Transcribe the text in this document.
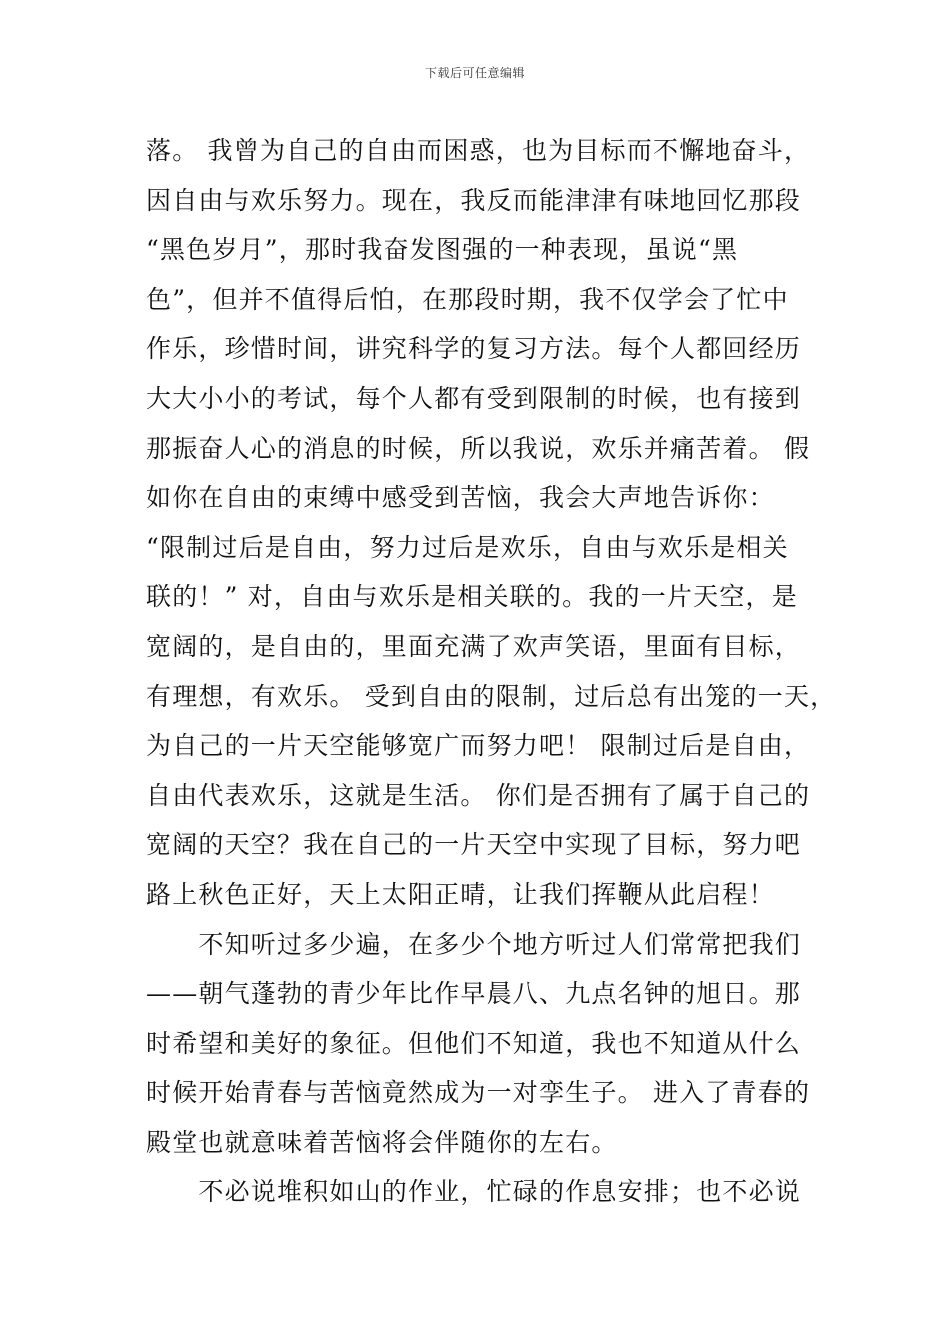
下载后可任意编辑
落。 我曾为自己的自由而困惑，也为目标而不懈地奋斗，
因自由与欢乐努力。现在，我反而能津津有味地回忆那段
“黑色岁月”，那时我奋发图强的一种表现，虽说“黑
色”，但并不值得后怕，在那段时期，我不仅学会了忙中
作乐，珍惜时间，讲究科学的复习方法。每个人都回经历
大大小小的考试，每个人都有受到限制的时候，也有接到
那振奋人心的消息的时候，所以我说，欢乐并痛苦着。 假
如你在自由的束缚中感受到苦恼，我会大声地告诉你：
“限制过后是自由，努力过后是欢乐，自由与欢乐是相关
联的！” 对，自由与欢乐是相关联的。我的一片天空，是
宽阔的，是自由的，里面充满了欢声笑语，里面有目标，
有理想，有欢乐。 受到自由的限制，过后总有出笼的一天，
为自己的一片天空能够宽广而努力吧！ 限制过后是自由，
自由代表欢乐，这就是生活。 你们是否拥有了属于自己的
宽阔的天空？我在自己的一片天空中实现了目标，努力吧
路上秋色正好，天上太阳正晴，让我们挥鞭从此启程！
　　不知听过多少遍，在多少个地方听过人们常常把我们
——朝气蓬勃的青少年比作早晨八、九点名钟的旭日。那
时希望和美好的象征。但他们不知道，我也不知道从什么
时候开始青春与苦恼竟然成为一对孪生子。 进入了青春的
殿堂也就意味着苦恼将会伴随你的左右。
　　不必说堆积如山的作业，忙碌的作息安排；也不必说
